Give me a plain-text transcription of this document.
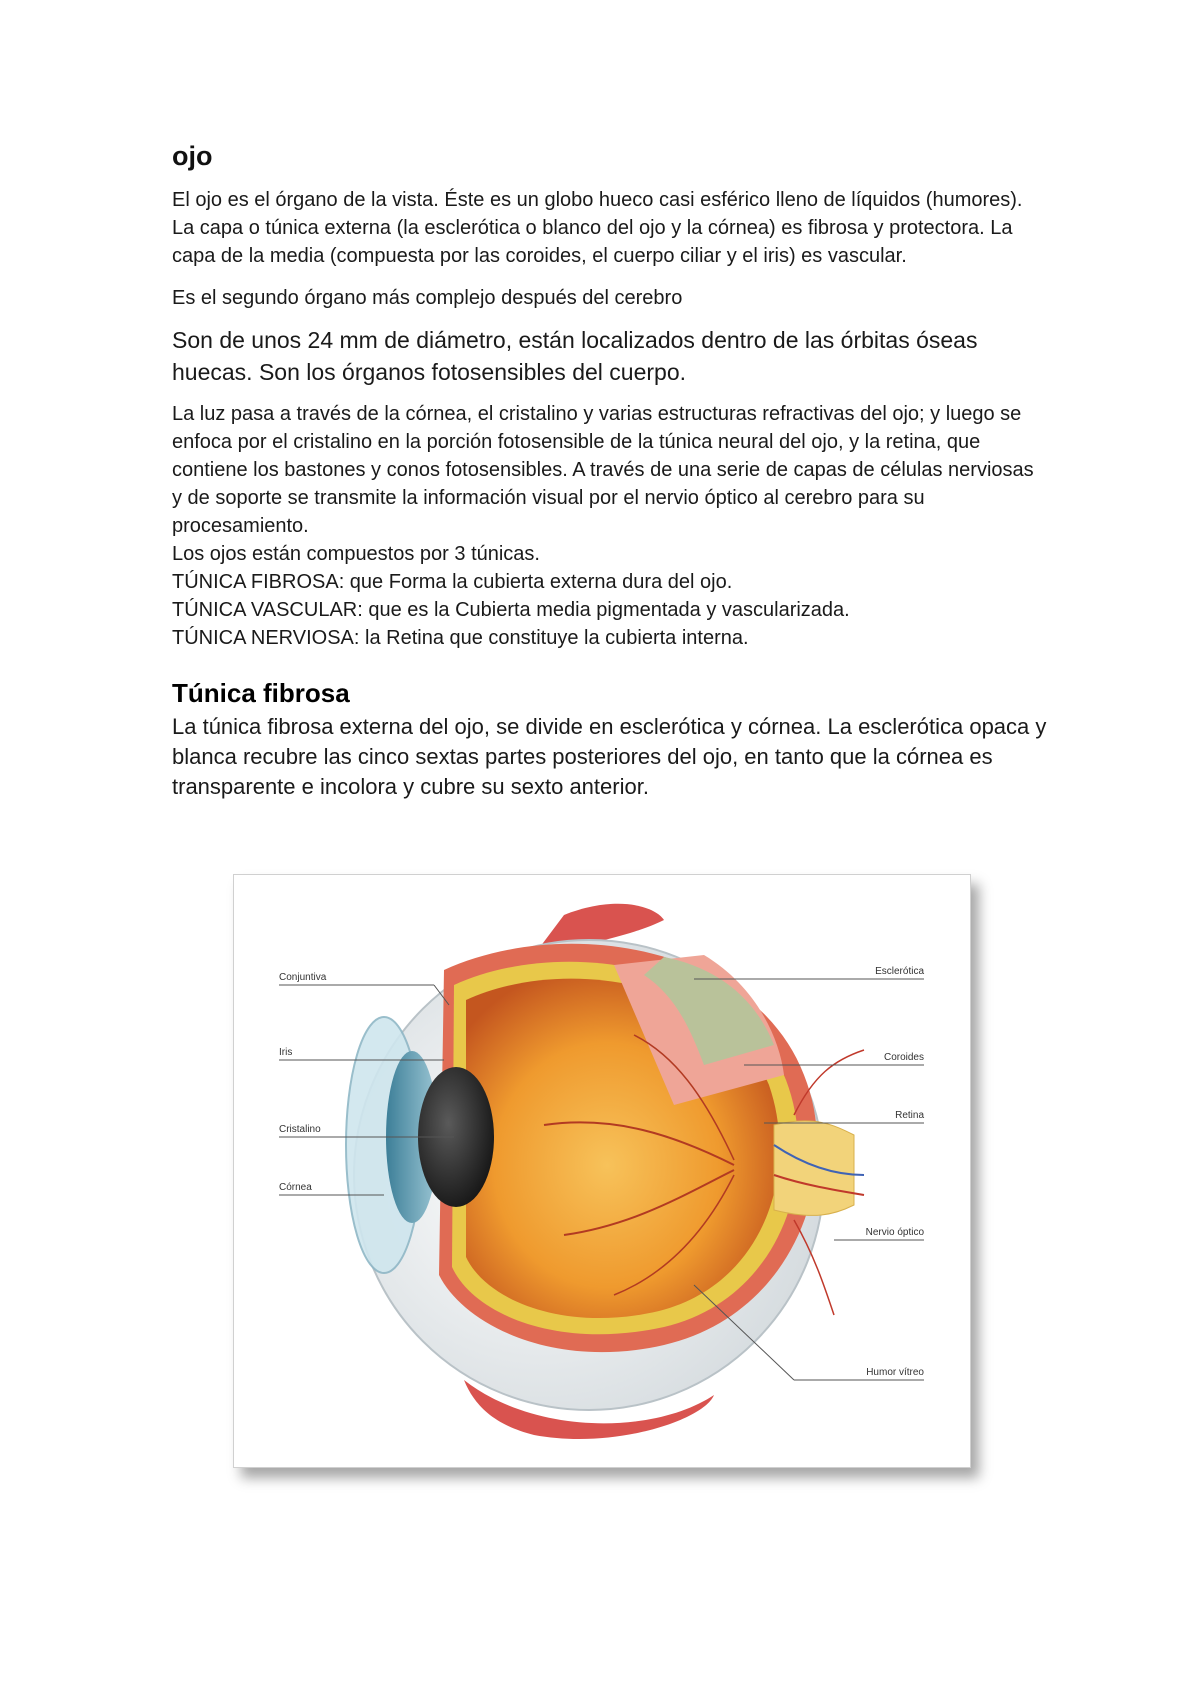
ojo

El ojo es el órgano de la vista. Éste es un globo hueco casi esférico lleno de líquidos (humores). La capa o túnica externa (la esclerótica o blanco del ojo y la córnea) es fibrosa y protectora. La capa de la media (compuesta por las coroides, el cuerpo ciliar y el iris) es vascular.

Es el segundo órgano más complejo después del cerebro

Son de unos 24 mm de diámetro, están localizados dentro de las órbitas óseas huecas. Son los órganos fotosensibles del cuerpo.

La luz pasa a través de la córnea, el cristalino y varias estructuras refractivas del ojo; y luego se enfoca por el cristalino en la porción fotosensible de la túnica neural del ojo, y la retina, que contiene los bastones y conos fotosensibles. A través de una serie de capas de células nerviosas y de soporte se transmite la información visual por el nervio óptico al cerebro para su procesamiento.

Los ojos están compuestos por 3 túnicas.
TÚNICA FIBROSA: que Forma la cubierta externa dura del ojo.
TÚNICA VASCULAR: que es la Cubierta media pigmentada y vascularizada.
TÚNICA NERVIOSA: la Retina que constituye la cubierta interna.
Túnica fibrosa

La túnica fibrosa externa del ojo, se divide en esclerótica y córnea. La esclerótica opaca y blanca recubre las cinco sextas partes posteriores del ojo, en tanto que la córnea es transparente e incolora y cubre su sexto anterior.

Conjuntiva
Iris
Cristalino
Córnea
Esclerótica
Coroides
Retina
Nervio óptico
Humor vítreo
